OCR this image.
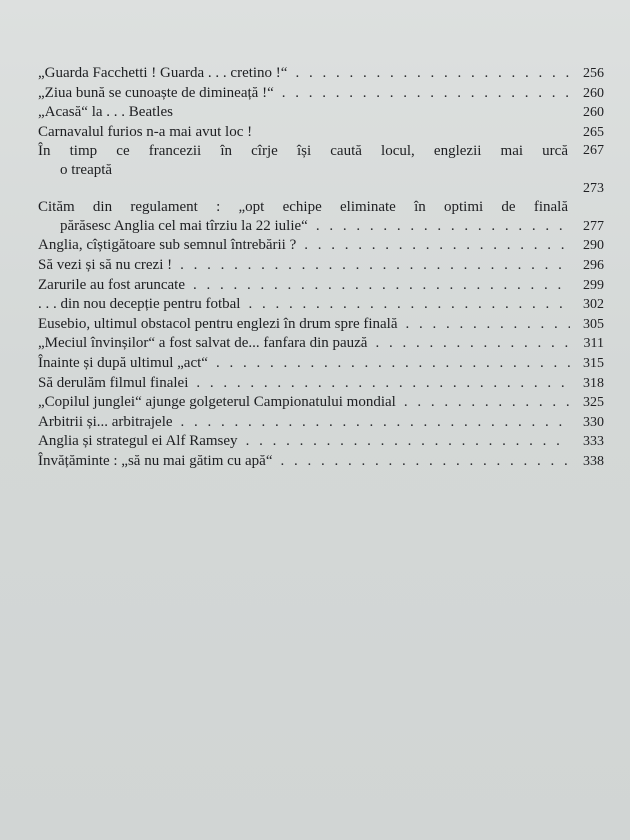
„Guarda Facchetti ! Guarda . . . cretino !“ . . .	256
„Ziua bună se cunoaște de dimineață !“ . . .	260
„Acasă“ la . . . Beatles	260
Carnavalul furios n-a mai avut loc !	265
În timp ce francezii în cîrje își caută locul, englezii mai urcă	267
o treaptă
273
Cităm din regulament : „opt echipe eliminate în optimi de finală
părăsesc Anglia cel mai tîrziu la 22 iulie“ . . .	277
Anglia, cîștigătoare sub semnul întrebării ? . . .	290
Să vezi și să nu crezi ! . . .	296
Zarurile au fost aruncate . . .	299
. . . din nou decepție pentru fotbal . . .	302
Eusebio, ultimul obstacol pentru englezi în drum spre finală . . .	305
„Meciul învinșilor“ a fost salvat de... fanfara din pauză . . .	311
Înainte și după ultimul „act“ . . .	315
Să derulăm filmul finalei . . .	318
„Copilul junglei“ ajunge golgeterul Campionatului mondial . . .	325
Arbitrii și... arbitrajele . . .	330
Anglia și strategul ei Alf Ramsey . . .	333
Învățăminte : „să nu mai gătim cu apă“ . . .	338
